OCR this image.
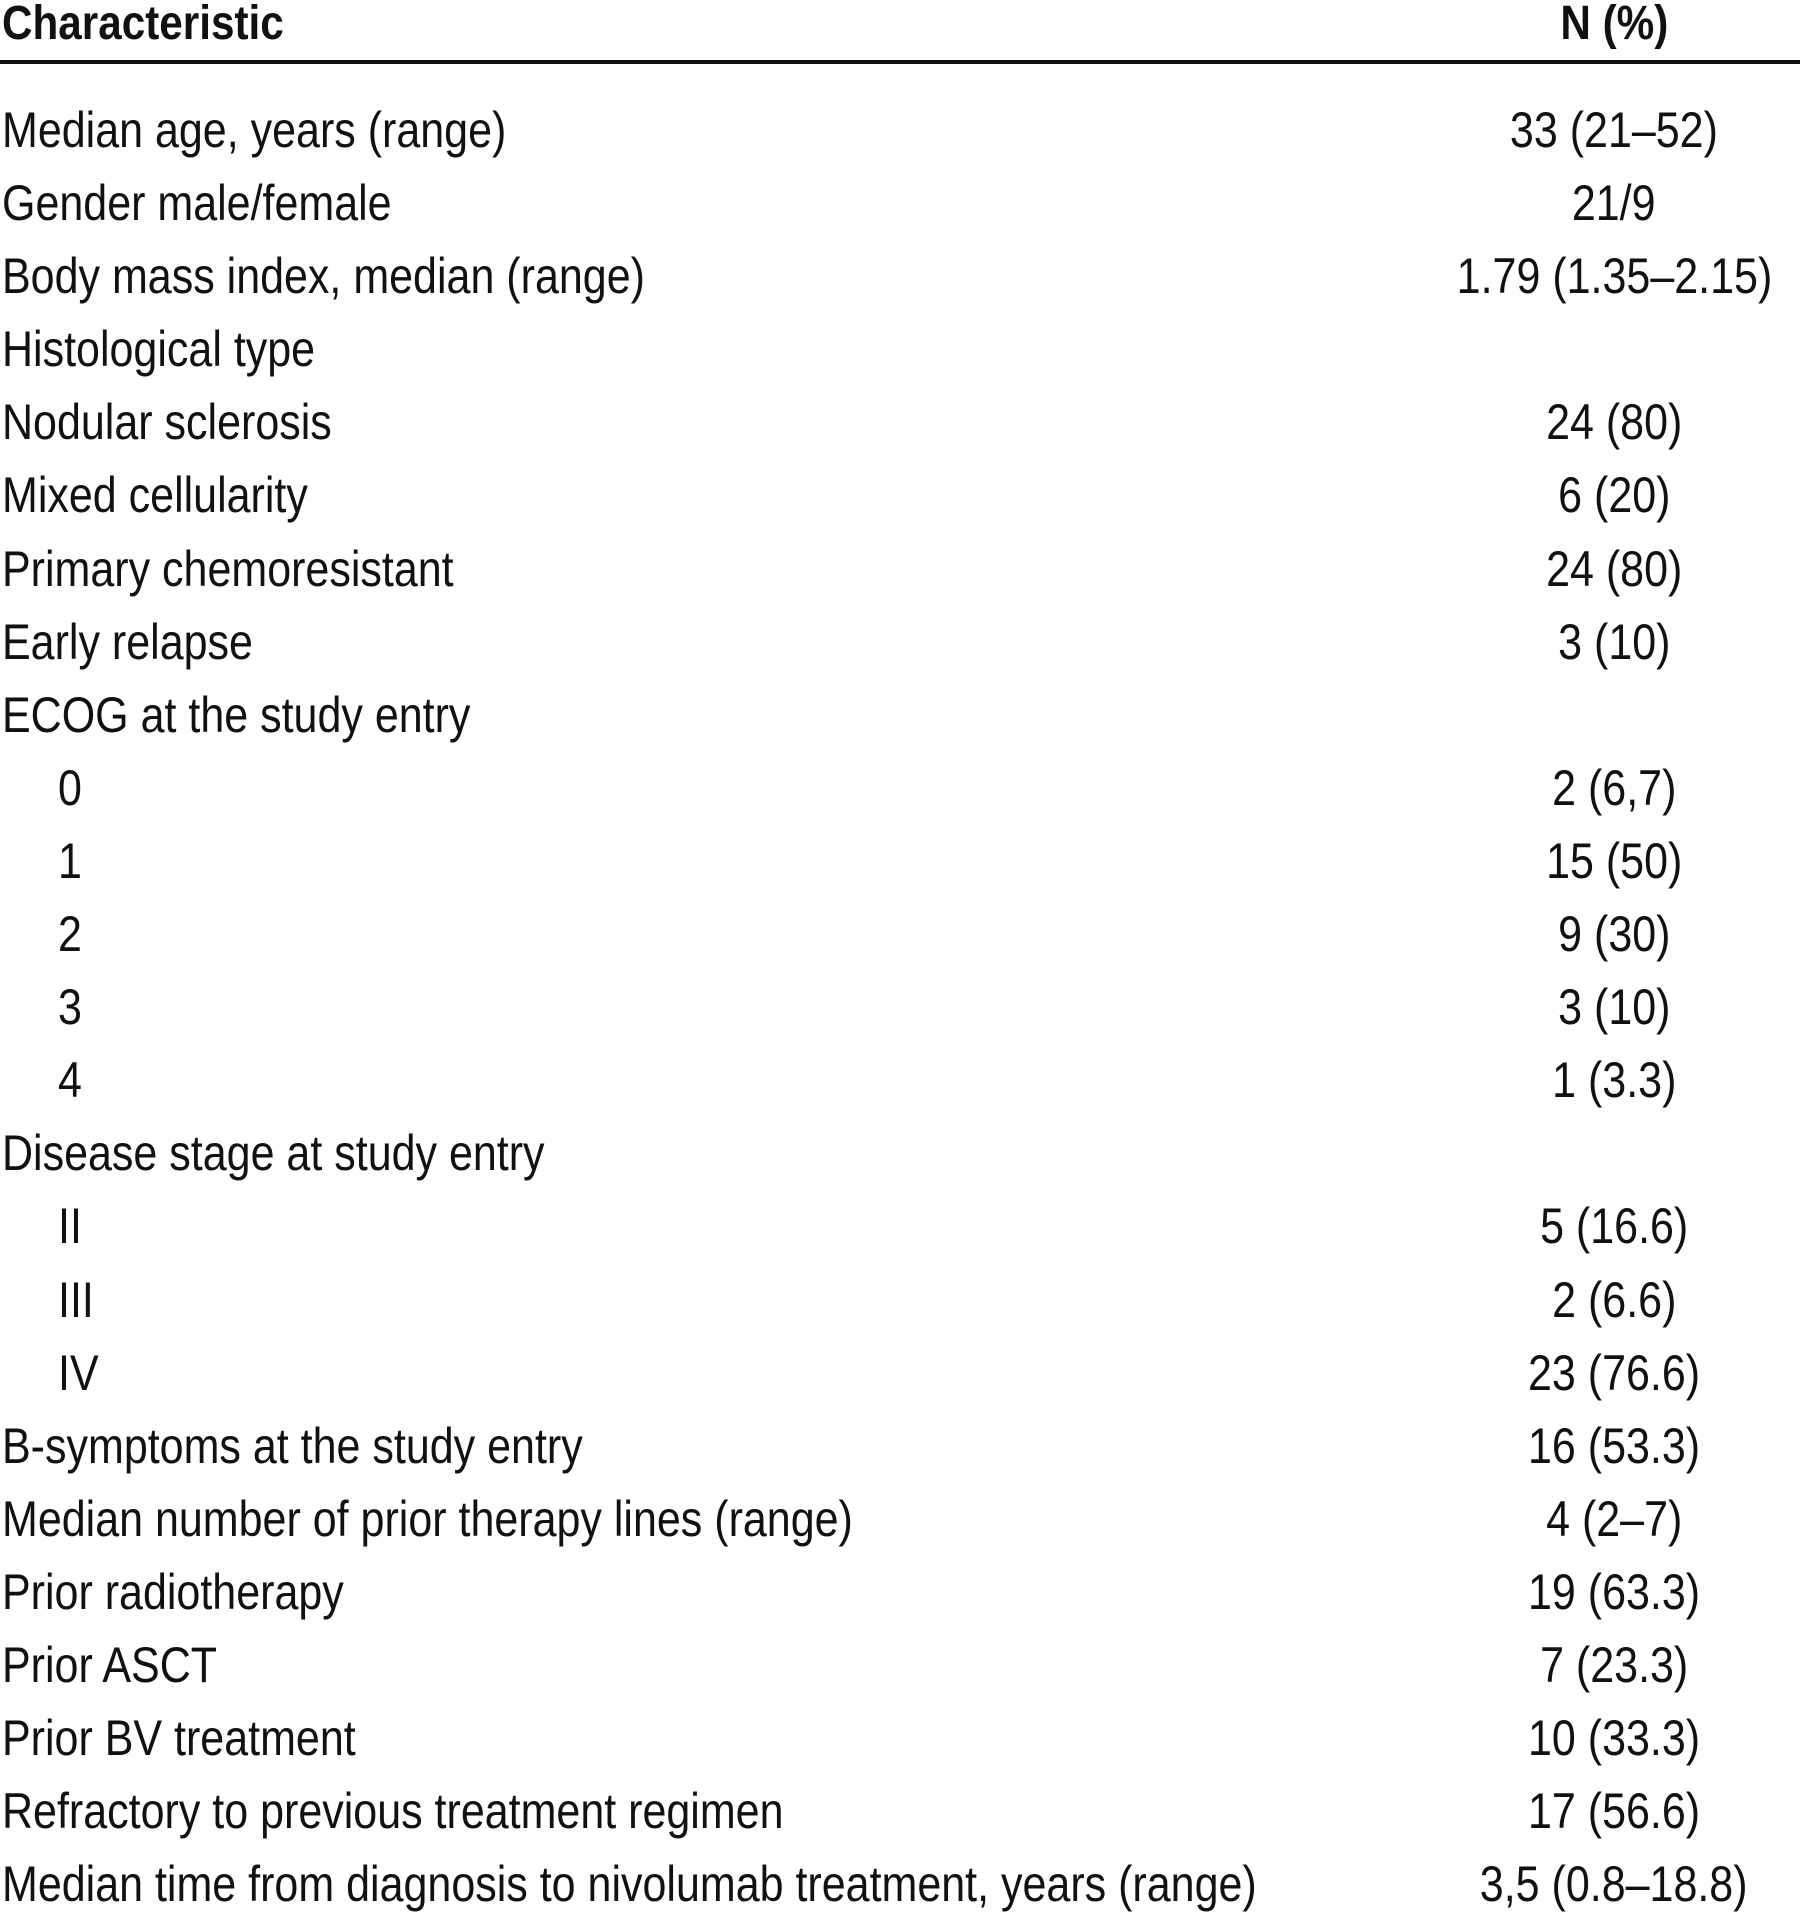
Characteristic	N (%)
Median age, years (range)	33 (21–52)
Gender male/female	21/9
Body mass index, median (range)	1.79 (1.35–2.15)
Histological type
Nodular sclerosis	24 (80)
Mixed cellularity	6 (20)
Primary chemoresistant	24 (80)
Early relapse	3 (10)
ECOG at the study entry
0	2 (6,7)
1	15 (50)
2	9 (30)
3	3 (10)
4	1 (3.3)
Disease stage at study entry
II	5 (16.6)
III	2 (6.6)
IV	23 (76.6)
B-symptoms at the study entry	16 (53.3)
Median number of prior therapy lines (range)	4 (2–7)
Prior radiotherapy	19 (63.3)
Prior ASCT	7 (23.3)
Prior BV treatment	10 (33.3)
Refractory to previous treatment regimen	17 (56.6)
Median time from diagnosis to nivolumab treatment, years (range)	3,5 (0.8–18.8)
